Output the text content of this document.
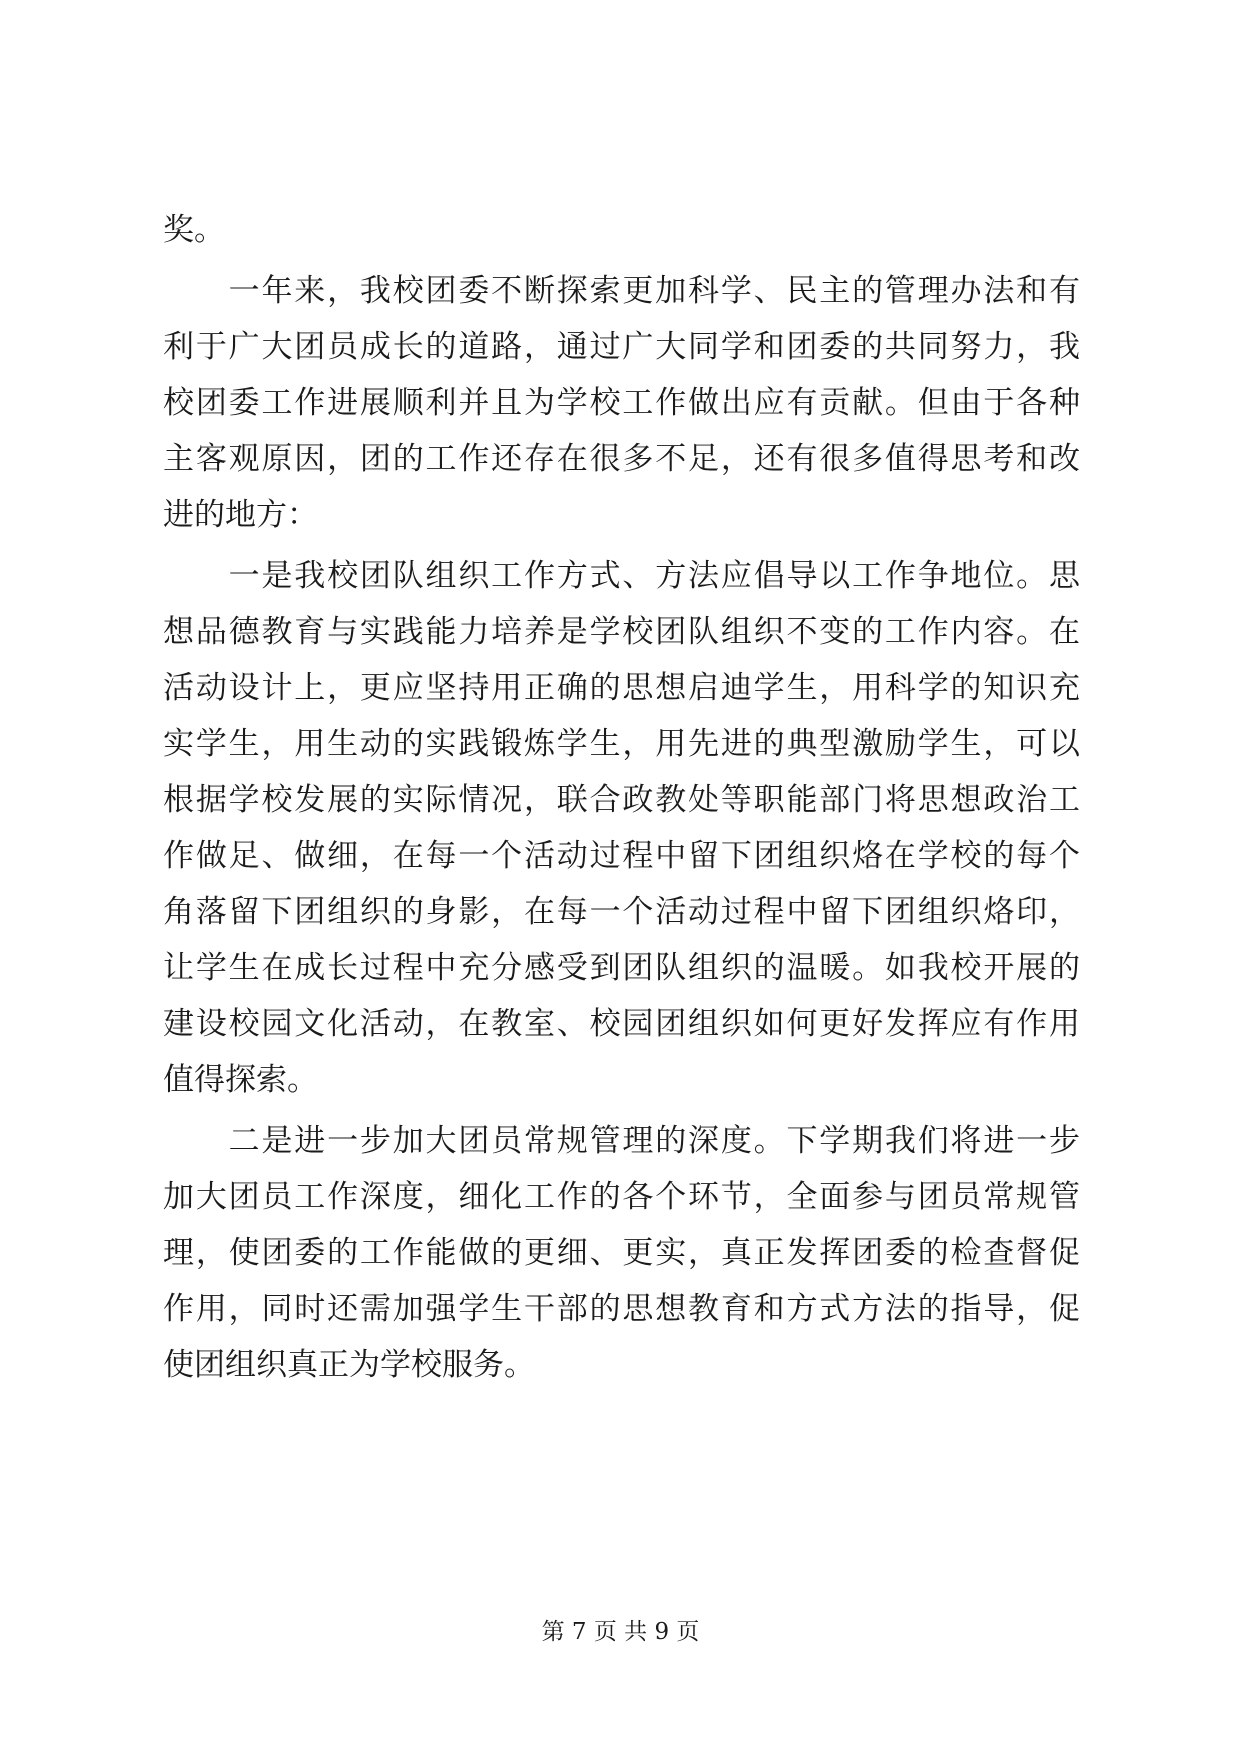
奖。
　　一年来，我校团委不断探索更加科学、民主的管理办法和有
利于广大团员成长的道路，通过广大同学和团委的共同努力，我
校团委工作进展顺利并且为学校工作做出应有贡献。但由于各种
主客观原因，团的工作还存在很多不足，还有很多值得思考和改
进的地方：
　　一是我校团队组织工作方式、方法应倡导以工作争地位。思
想品德教育与实践能力培养是学校团队组织不变的工作内容。在
活动设计上，更应坚持用正确的思想启迪学生，用科学的知识充
实学生，用生动的实践锻炼学生，用先进的典型激励学生，可以
根据学校发展的实际情况，联合政教处等职能部门将思想政治工
作做足、做细，在每一个活动过程中留下团组织烙在学校的每个
角落留下团组织的身影，在每一个活动过程中留下团组织烙印，
让学生在成长过程中充分感受到团队组织的温暖。如我校开展的
建设校园文化活动，在教室、校园团组织如何更好发挥应有作用
值得探索。
　　二是进一步加大团员常规管理的深度。下学期我们将进一步
加大团员工作深度，细化工作的各个环节，全面参与团员常规管
理，使团委的工作能做的更细、更实，真正发挥团委的检查督促
作用，同时还需加强学生干部的思想教育和方式方法的指导，促
使团组织真正为学校服务。
第 7 页 共 9 页
